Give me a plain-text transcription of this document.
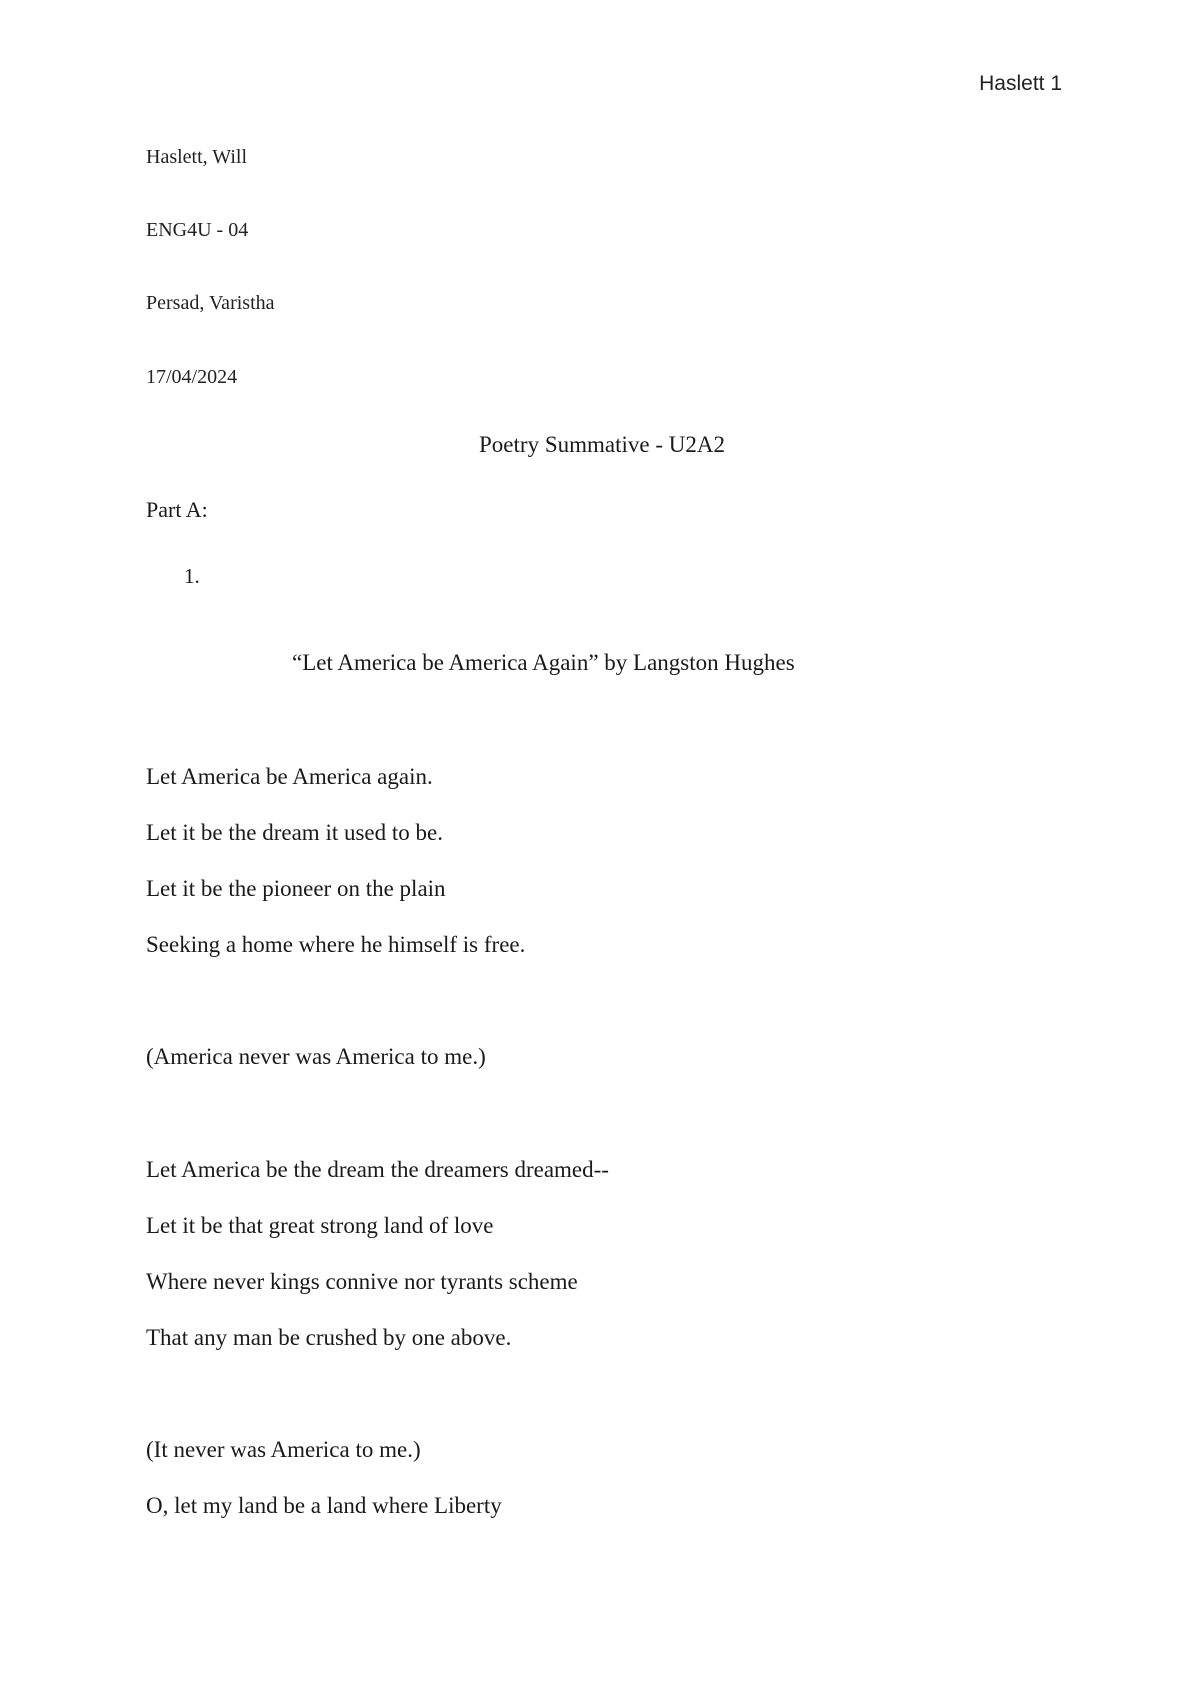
Haslett 1
Haslett, Will
ENG4U - 04
Persad, Varistha
17/04/2024
Poetry Summative - U2A2
Part A:
1.
“Let America be America Again” by Langston Hughes
Let America be America again.
Let it be the dream it used to be.
Let it be the pioneer on the plain
Seeking a home where he himself is free.
(America never was America to me.)
Let America be the dream the dreamers dreamed--
Let it be that great strong land of love
Where never kings connive nor tyrants scheme
That any man be crushed by one above.
(It never was America to me.)
O, let my land be a land where Liberty
